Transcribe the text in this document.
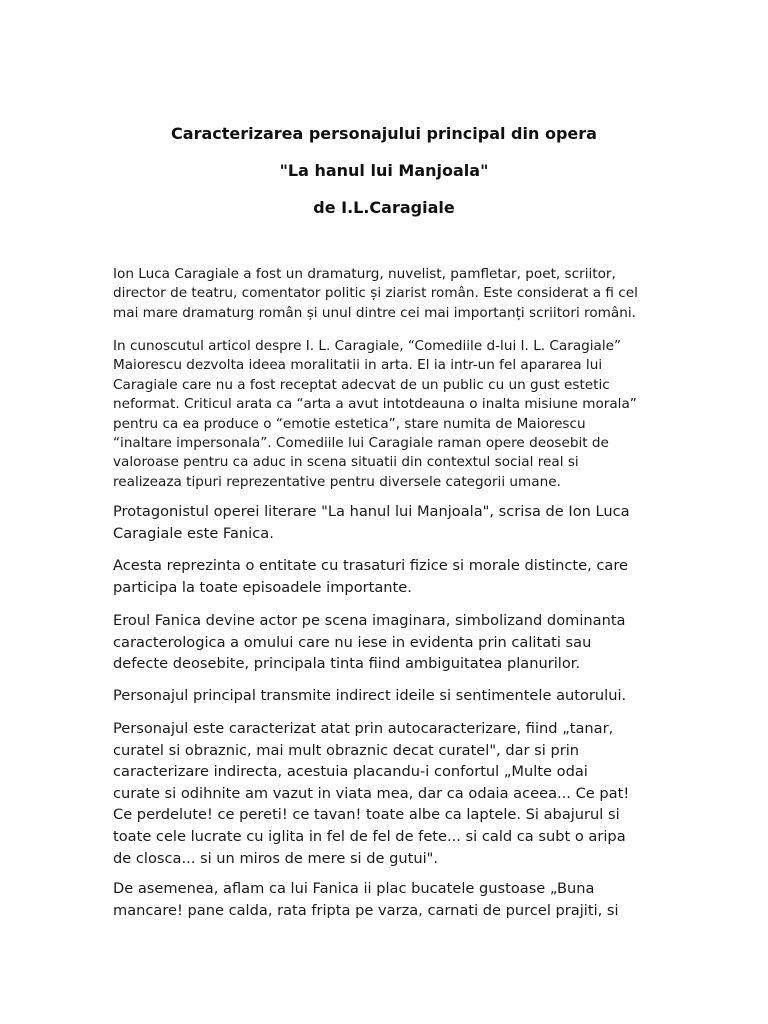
Caracterizarea personajului principal din opera

"La hanul lui Manjoala"

de I.L.Caragiale

Ion Luca Caragiale a fost un dramaturg, nuvelist, pamfletar, poet, scriitor,
director de teatru, comentator politic și ziarist român. Este considerat a fi cel
mai mare dramaturg român și unul dintre cei mai importanți scriitori români.

In cunoscutul articol despre I. L. Caragiale, “Comediile d-lui I. L. Caragiale”
Maiorescu dezvolta ideea moralitatii in arta. El ia intr-un fel apararea lui
Caragiale care nu a fost receptat adecvat de un public cu un gust estetic
neformat. Criticul arata ca “arta a avut intotdeauna o inalta misiune morala”
pentru ca ea produce o “emotie estetica”, stare numita de Maiorescu
“inaltare impersonala”. Comediile lui Caragiale raman opere deosebit de
valoroase pentru ca aduc in scena situatii din contextul social real si
realizeaza tipuri reprezentative pentru diversele categorii umane.

Protagonistul operei literare "La hanul lui Manjoala", scrisa de Ion Luca
Caragiale este Fanica.

Acesta reprezinta o entitate cu trasaturi fizice si morale distincte, care
participa la toate episoadele importante.

Eroul Fanica devine actor pe scena imaginara, simbolizand dominanta
caracterologica a omului care nu iese in evidenta prin calitati sau
defecte deosebite, principala tinta fiind ambiguitatea planurilor.

Personajul principal transmite indirect ideile si sentimentele autorului.

Personajul este caracterizat atat prin autocaracterizare, fiind „tanar,
curatel si obraznic, mai mult obraznic decat curatel", dar si prin
caracterizare indirecta, acestuia placandu-i confortul „Multe odai
curate si odihnite am vazut in viata mea, dar ca odaia aceea... Ce pat!
Ce perdelute! ce pereti! ce tavan! toate albe ca laptele. Si abajurul si
toate cele lucrate cu iglita in fel de fel de fete... si cald ca subt o aripa
de closca... si un miros de mere si de gutui".

De asemenea, aflam ca lui Fanica ii plac bucatele gustoase „Buna
mancare! pane calda, rata fripta pe varza, carnati de purcel prajiti, si
